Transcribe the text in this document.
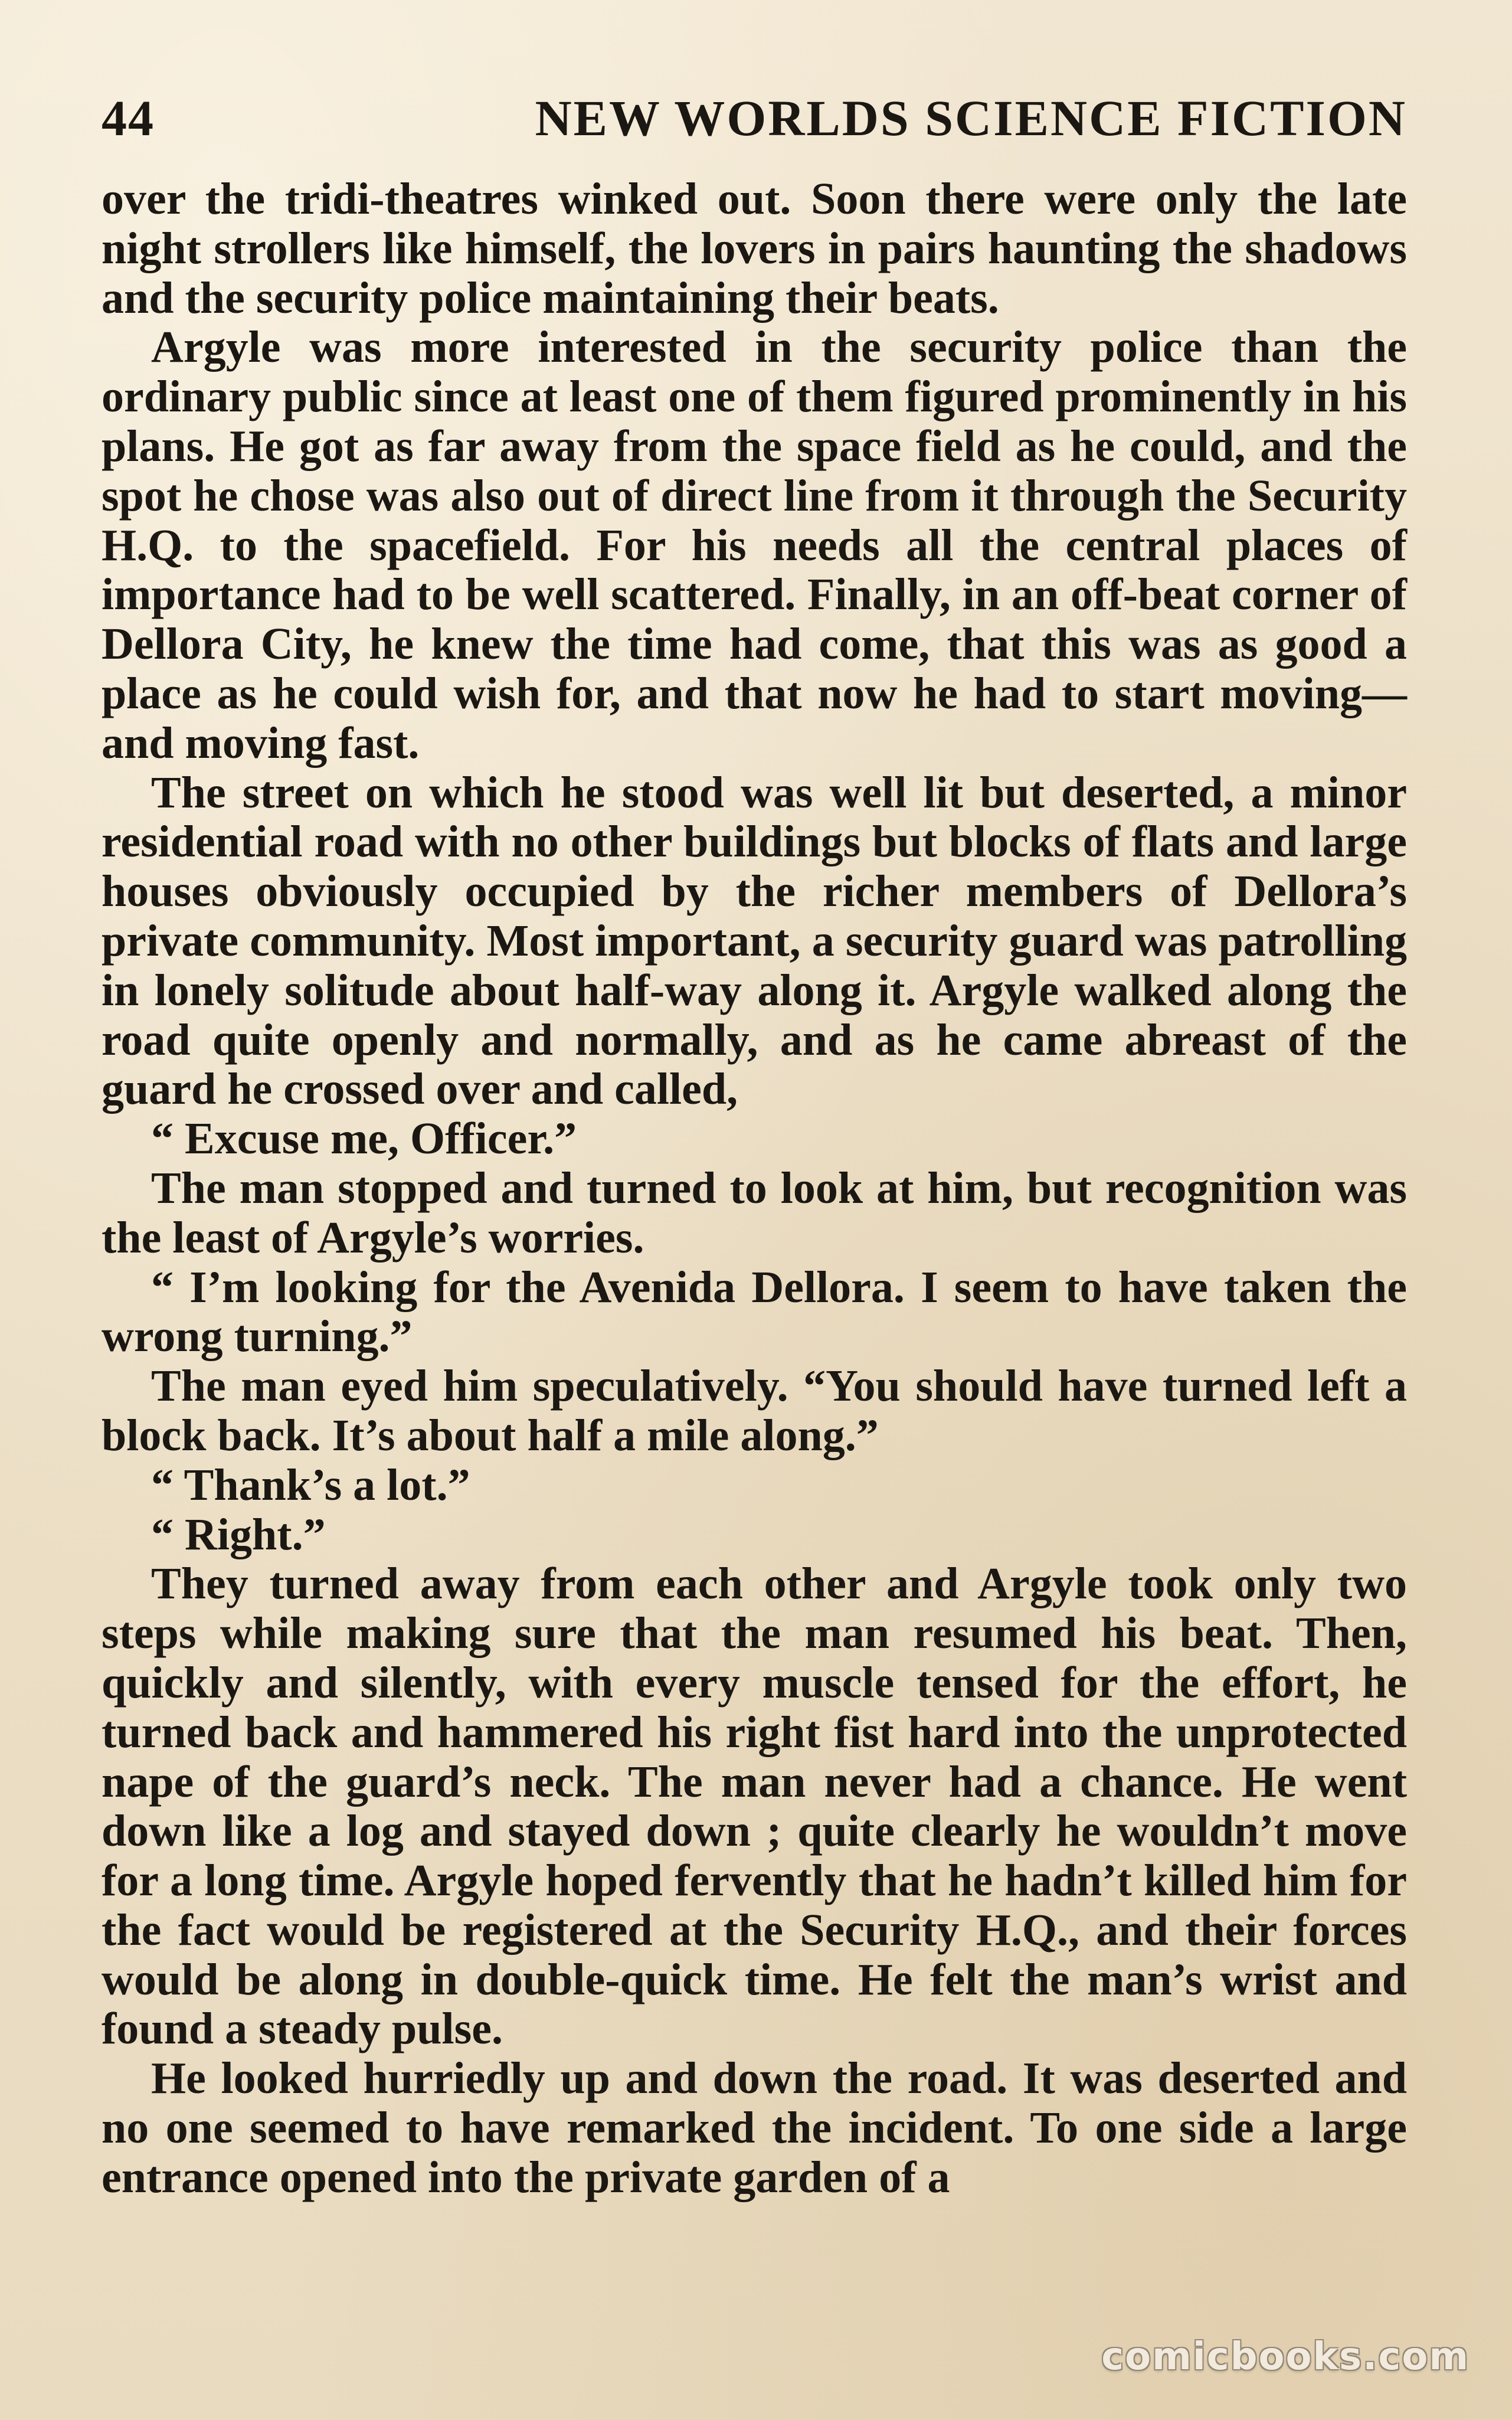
44	NEW WORLDS SCIENCE FICTION

over the tridi-theatres winked out. Soon there were only the late night strollers like himself, the lovers in pairs haunting the shadows and the security police maintaining their beats.

Argyle was more interested in the security police than the ordinary public since at least one of them figured prominently in his plans. He got as far away from the space field as he could, and the spot he chose was also out of direct line from it through the Security H.Q. to the spacefield. For his needs all the central places of importance had to be well scattered. Finally, in an off-beat corner of Dellora City, he knew the time had come, that this was as good a place as he could wish for, and that now he had to start moving—and moving fast.

The street on which he stood was well lit but deserted, a minor residential road with no other buildings but blocks of flats and large houses obviously occupied by the richer members of Dellora’s private community. Most important, a security guard was patrolling in lonely solitude about half-way along it. Argyle walked along the road quite openly and normally, and as he came abreast of the guard he crossed over and called,

“ Excuse me, Officer.”

The man stopped and turned to look at him, but recognition was the least of Argyle’s worries.

“ I’m looking for the Avenida Dellora. I seem to have taken the wrong turning.”

The man eyed him speculatively. “You should have turned left a block back. It’s about half a mile along.”

“ Thank’s a lot.”

“ Right.”

They turned away from each other and Argyle took only two steps while making sure that the man resumed his beat. Then, quickly and silently, with every muscle tensed for the effort, he turned back and hammered his right fist hard into the unprotected nape of the guard’s neck. The man never had a chance. He went down like a log and stayed down ; quite clearly he wouldn’t move for a long time. Argyle hoped fervently that he hadn’t killed him for the fact would be registered at the Security H.Q., and their forces would be along in double-quick time. He felt the man’s wrist and found a steady pulse.

He looked hurriedly up and down the road. It was deserted and no one seemed to have remarked the incident. To one side a large entrance opened into the private garden of a

comicbooks.com
